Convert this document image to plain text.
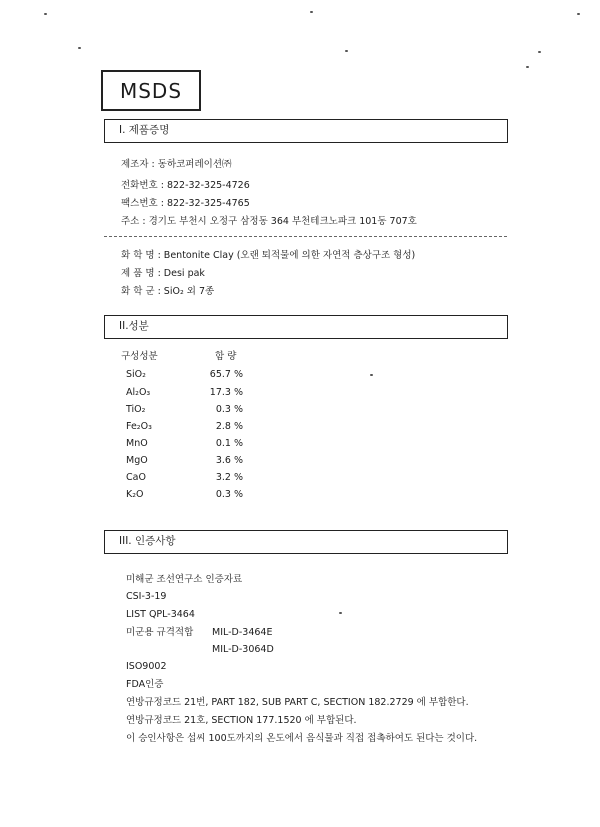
MSDS
I. 제품증명
제조자 : 동하코퍼레이션㈜
전화번호 : 822-32-325-4726
팩스번호 : 822-32-325-4765
주소 : 경기도 부천시 오정구 삼정동 364 부천테크노파크 101동 707호
화 학 명 : Bentonite Clay (오랜 퇴적물에 의한 자연적 층상구조 형성)
제 품 명 : Desi pak
화 학 군 : SiO₂ 외 7종
II.성분
구성성분	함 량
SiO₂	65.7 %
Al₂O₃	17.3 %
TiO₂	0.3 %
Fe₂O₃	2.8 %
MnO	0.1 %
MgO	3.6 %
CaO	3.2 %
K₂O	0.3 %
III. 인증사항
미해군 조선연구소 인증자료
CSI-3-19
LIST QPL-3464
미군용 규격적합 MIL-D-3464E
MIL-D-3064D
ISO9002
FDA인증
연방규정코드 21번, PART 182, SUB PART C, SECTION 182.2729 에 부합한다.
연방규정코드 21호, SECTION 177.1520 에 부합된다.
이 승인사항은 섭씨 100도까지의 온도에서 음식물과 직접 접촉하여도 된다는 것이다.
